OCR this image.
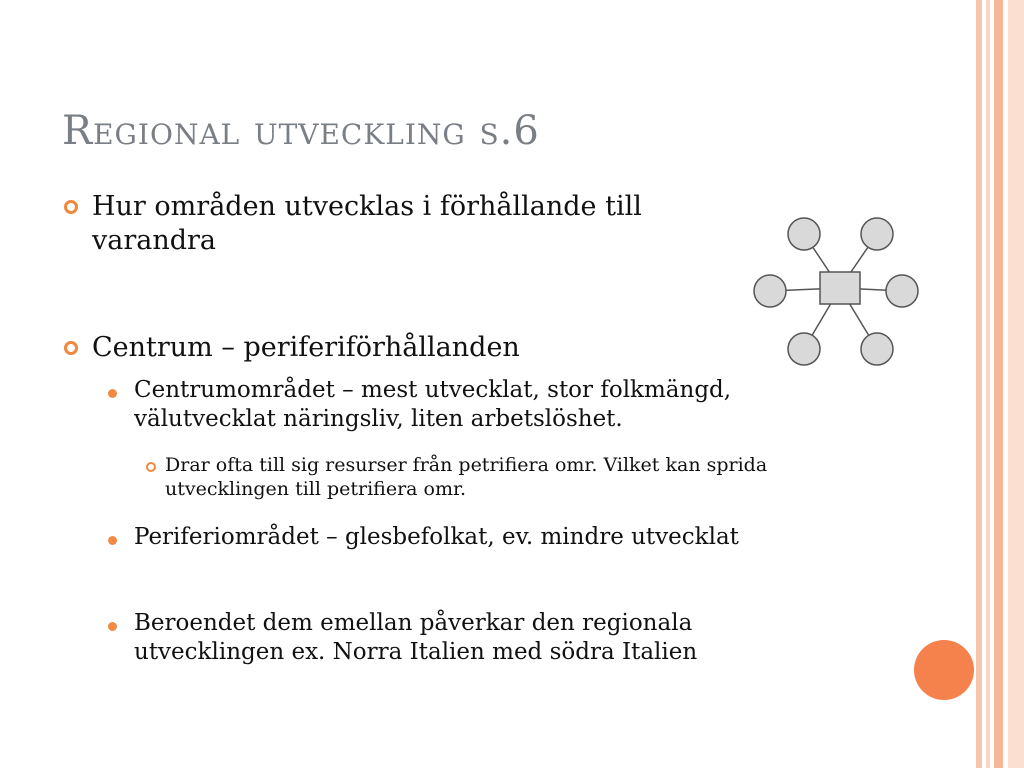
Regional utveckling s.6
Hur områden utvecklas i förhållande till varandra
Centrum – periferiförhållanden
Centrumområdet – mest utvecklat, stor folkmängd, välutvecklat näringsliv, liten arbetslöshet.
Drar ofta till sig resurser från petrifiera omr. Vilket kan sprida utvecklingen till petrifiera omr.
Periferiområdet – glesbefolkat, ev. mindre utvecklat
Beroendet dem emellan påverkar den regionala utvecklingen ex. Norra Italien med södra Italien
